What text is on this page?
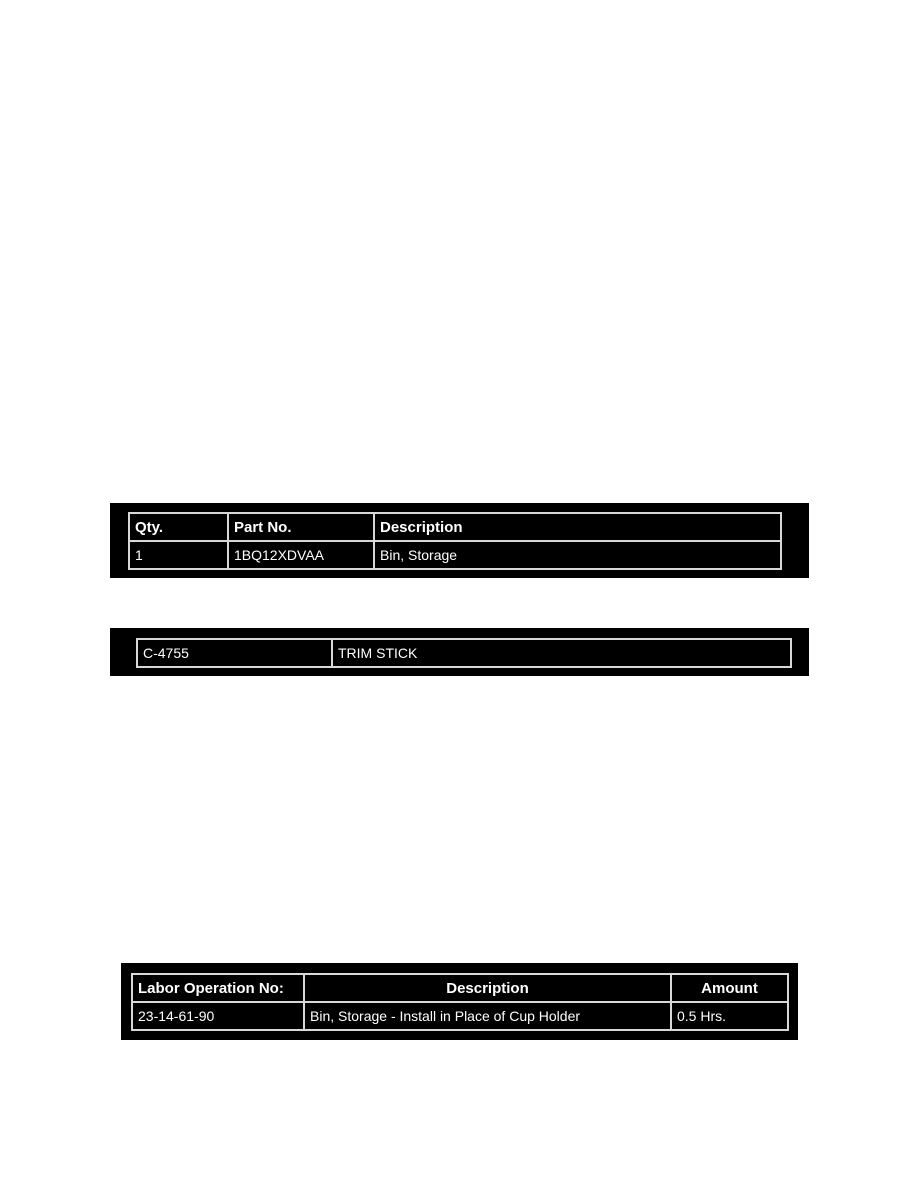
Qty.	Part No.	Description
1	1BQ12XDVAA	Bin, Storage
C-4755	TRIM STICK
Labor Operation No:	Description	Amount
23-14-61-90	Bin, Storage - Install in Place of Cup Holder	0.5 Hrs.
